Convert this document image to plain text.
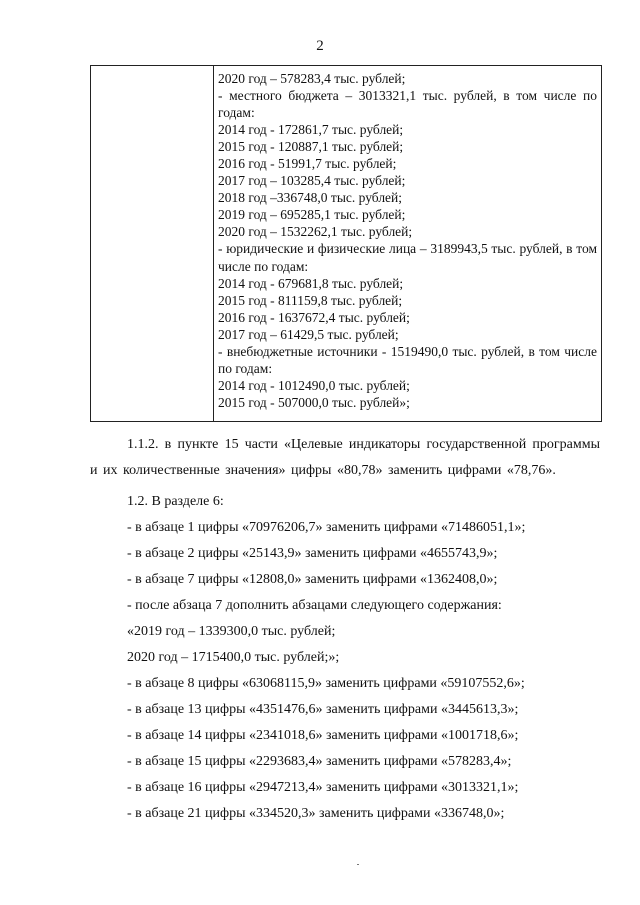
2
2020 год – 578283,4 тыс. рублей;
- местного бюджета – 3013321,1 тыс. рублей, в том числе по годам:
2014 год - 172861,7 тыс. рублей;
2015 год - 120887,1 тыс. рублей;
2016 год - 51991,7 тыс. рублей;
2017 год – 103285,4 тыс. рублей;
2018 год –336748,0 тыс. рублей;
2019 год – 695285,1 тыс. рублей;
2020 год – 1532262,1 тыс. рублей;
- юридические и физические лица – 3189943,5 тыс. рублей, в том числе по годам:
2014 год - 679681,8 тыс. рублей;
2015 год - 811159,8 тыс. рублей;
2016 год - 1637672,4 тыс. рублей;
2017 год – 61429,5 тыс. рублей;
- внебюджетные источники - 1519490,0 тыс. рублей, в том числе по годам:
2014 год - 1012490,0 тыс. рублей;
2015 год - 507000,0 тыс. рублей»;
1.1.2. в пункте 15 части «Целевые индикаторы государственной программы и их количественные значения» цифры «80,78» заменить цифрами «78,76».
1.2. В разделе 6:
- в абзаце 1 цифры «70976206,7» заменить цифрами «71486051,1»;
- в абзаце 2 цифры «25143,9» заменить цифрами «4655743,9»;
- в абзаце 7 цифры «12808,0» заменить цифрами «1362408,0»;
- после абзаца 7 дополнить абзацами следующего содержания:
«2019 год – 1339300,0 тыс. рублей;
2020 год – 1715400,0 тыс. рублей;»;
- в абзаце 8 цифры «63068115,9» заменить цифрами «59107552,6»;
- в абзаце 13 цифры «4351476,6» заменить цифрами «3445613,3»;
- в абзаце 14 цифры «2341018,6» заменить цифрами «1001718,6»;
- в абзаце 15 цифры «2293683,4» заменить цифрами «578283,4»;
- в абзаце 16 цифры «2947213,4» заменить цифрами «3013321,1»;
- в абзаце 21 цифры «334520,3» заменить цифрами «336748,0»;
